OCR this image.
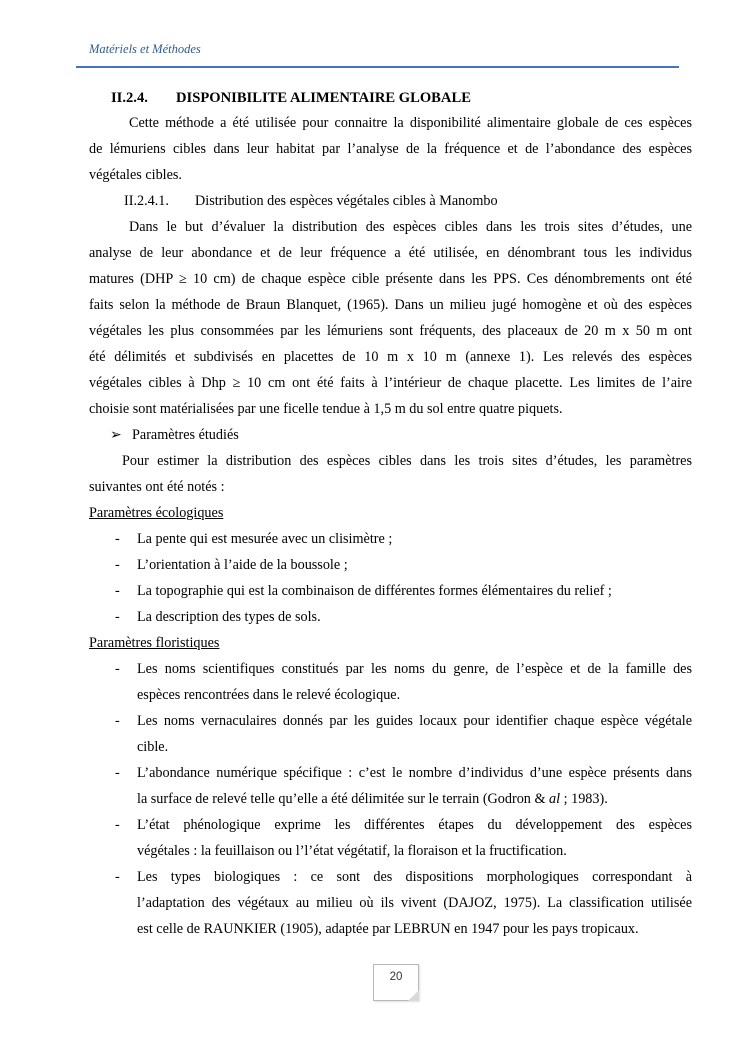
Matériels et Méthodes
II.2.4. DISPONIBILITE ALIMENTAIRE GLOBALE
Cette méthode a été utilisée pour connaitre la disponibilité alimentaire globale de ces espèces
de lémuriens cibles dans leur habitat par l’analyse de la fréquence et de l’abondance des espèces
végétales cibles.
II.2.4.1. Distribution des espèces végétales cibles à Manombo
Dans le but d’évaluer la distribution des espèces cibles dans les trois sites d’études, une
analyse de leur abondance et de leur fréquence a été utilisée, en dénombrant tous les individus
matures (DHP ≥ 10 cm) de chaque espèce cible présente dans les PPS. Ces dénombrements ont été
faits selon la méthode de Braun Blanquet, (1965). Dans un milieu jugé homogène et où des espèces
végétales les plus consommées par les lémuriens sont fréquents, des placeaux de 20 m x 50 m ont
été délimités et subdivisés en placettes de 10 m x 10 m (annexe 1). Les relevés des espèces
végétales cibles à Dhp ≥ 10 cm ont été faits à l’intérieur de chaque placette. Les limites de l’aire
choisie sont matérialisées par une ficelle tendue à 1,5 m du sol entre quatre piquets.
➢ Paramètres étudiés
Pour estimer la distribution des espèces cibles dans les trois sites d’études, les paramètres
suivantes ont été notés :
Paramètres écologiques
- La pente qui est mesurée avec un clisimètre ;
- L’orientation à l’aide de la boussole ;
- La topographie qui est la combinaison de différentes formes élémentaires du relief ;
- La description des types de sols.
Paramètres floristiques
- Les noms scientifiques constitués par les noms du genre, de l’espèce et de la famille des
espèces rencontrées dans le relevé écologique.
- Les noms vernaculaires donnés par les guides locaux pour identifier chaque espèce végétale
cible.
- L’abondance numérique spécifique : c’est le nombre d’individus d’une espèce présents dans
la surface de relevé telle qu’elle a été délimitée sur le terrain (Godron & al ; 1983).
- L’état phénologique exprime les différentes étapes du développement des espèces
végétales : la feuillaison ou l’l’état végétatif, la floraison et la fructification.
- Les types biologiques : ce sont des dispositions morphologiques correspondant à
l’adaptation des végétaux au milieu où ils vivent (DAJOZ, 1975). La classification utilisée
est celle de RAUNKIER (1905), adaptée par LEBRUN en 1947 pour les pays tropicaux.
20
